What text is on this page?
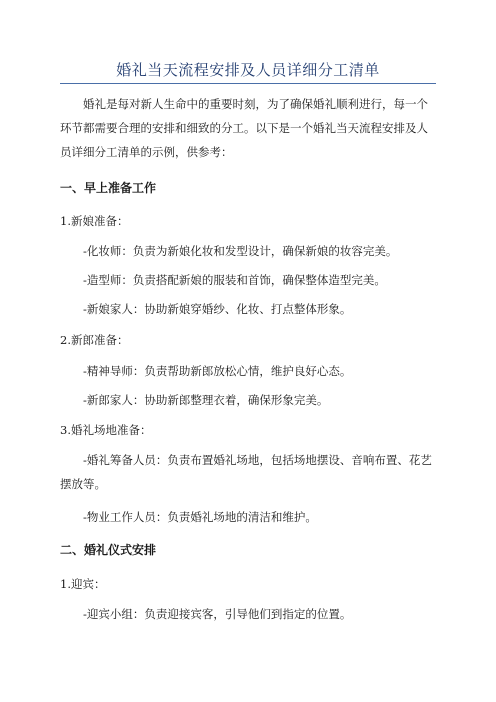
婚礼当天流程安排及人员详细分工清单

婚礼是每对新人生命中的重要时刻，为了确保婚礼顺利进行，每一个环节都需要合理的安排和细致的分工。以下是一个婚礼当天流程安排及人员详细分工清单的示例，供参考：

一、早上准备工作

1.新娘准备：

-化妆师：负责为新娘化妆和发型设计，确保新娘的妆容完美。

-造型师：负责搭配新娘的服装和首饰，确保整体造型完美。

-新娘家人：协助新娘穿婚纱、化妆、打点整体形象。

2.新郎准备：

-精神导师：负责帮助新郎放松心情，维护良好心态。

-新郎家人：协助新郎整理衣着，确保形象完美。

3.婚礼场地准备：

-婚礼筹备人员：负责布置婚礼场地，包括场地摆设、音响布置、花艺摆放等。

-物业工作人员：负责婚礼场地的清洁和维护。

二、婚礼仪式安排

1.迎宾：

-迎宾小组：负责迎接宾客，引导他们到指定的位置。
